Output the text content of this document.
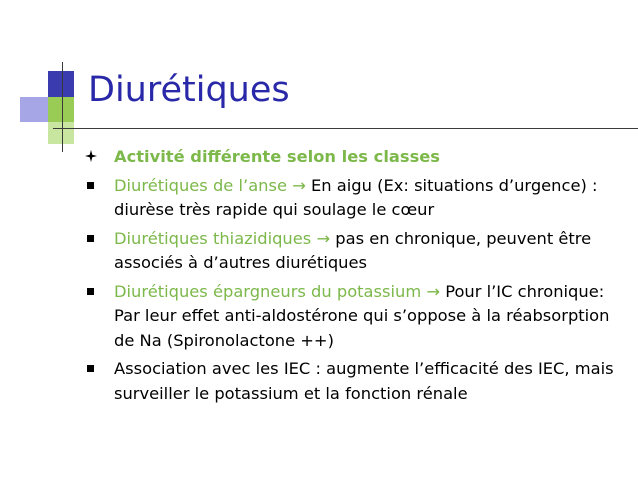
Diurétiques
Activité différente selon les classes
Diurétiques de l’anse → En aigu (Ex: situations d’urgence) : diurèse très rapide qui soulage le cœur
Diurétiques thiazidiques → pas en chronique, peuvent être associés à d’autres diurétiques
Diurétiques épargneurs du potassium → Pour l’IC chronique: Par leur effet anti-aldostérone qui s’oppose à la réabsorption de Na (Spironolactone ++)
Association avec les IEC : augmente l’efficacité des IEC, mais surveiller le potassium et la fonction rénale
